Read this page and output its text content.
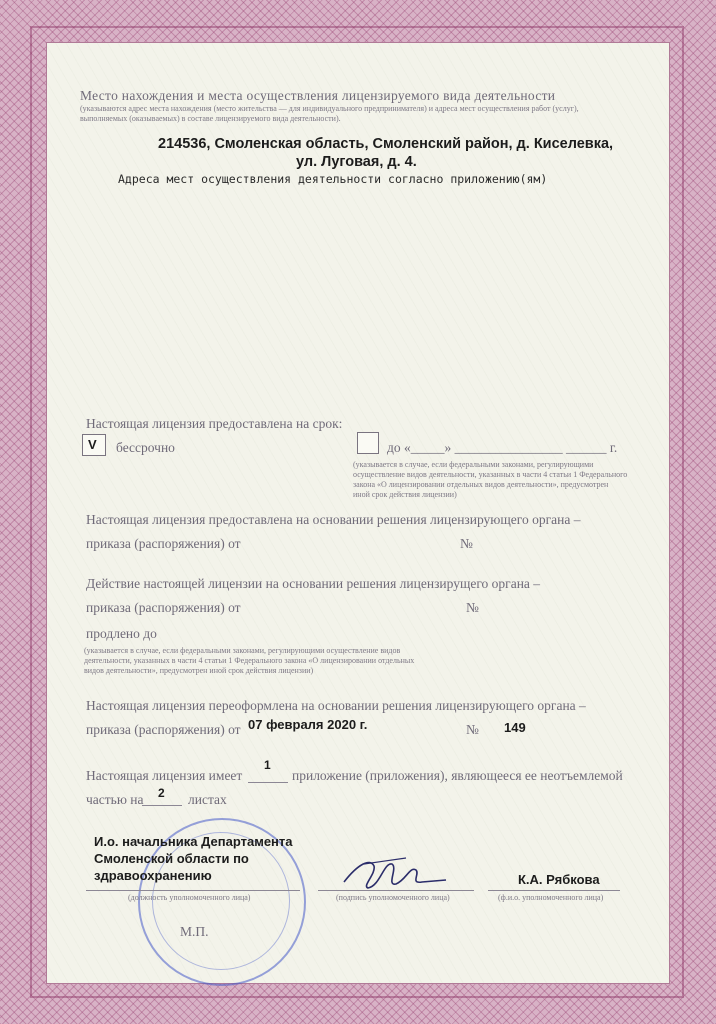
Место нахождения и места осуществления лицензируемого вида деятельности
(указываются адрес места нахождения (место жительства — для индивидуального предпринимателя) и адреса мест осуществления работ (услуг),
выполняемых (оказываемых) в составе лицензируемого вида деятельности).
214536, Смоленская область, Смоленский район, д. Киселевка,
ул. Луговая, д. 4.
Адреса мест осуществления деятельности согласно приложению(ям)
Настоящая лицензия предоставлена на срок:
V бессрочно	до «_____» ________________ ______ г.
(указывается в случае, если федеральными законами, регулирующими
осуществление видов деятельности, указанных в части 4 статьи 1 Федерального
закона «О лицензировании отдельных видов деятельности», предусмотрен
иной срок действия лицензии)
Настоящая лицензия предоставлена на основании решения лицензирующего органа –
приказа (распоряжения) от	№
Действие настоящей лицензии на основании решения лицензирущего органа –
приказа (распоряжения) от	№
продлено до
(указывается в случае, если федеральными законами, регулирующими осуществление видов
деятельности, указанных в части 4 статьи 1 Федерального закона «О лицензировании отдельных
видов деятельности», предусмотрен иной срок действия лицензии)
Настоящая лицензия переоформлена на основании решения лицензирующего органа –
приказа (распоряжения) от 07 февраля 2020 г.	№ 149
Настоящая лицензия имеет
1
приложение (приложения), являющееся ее неотъемлемой
частью на 2 листах
И.о. начальника Департамента
Смоленской области по
здравоохранению
(должность уполномоченного лица)	(подпись уполномоченного лица)
К.А. Рябкова
(ф.и.о. уполномоченного лица)
М.П.
